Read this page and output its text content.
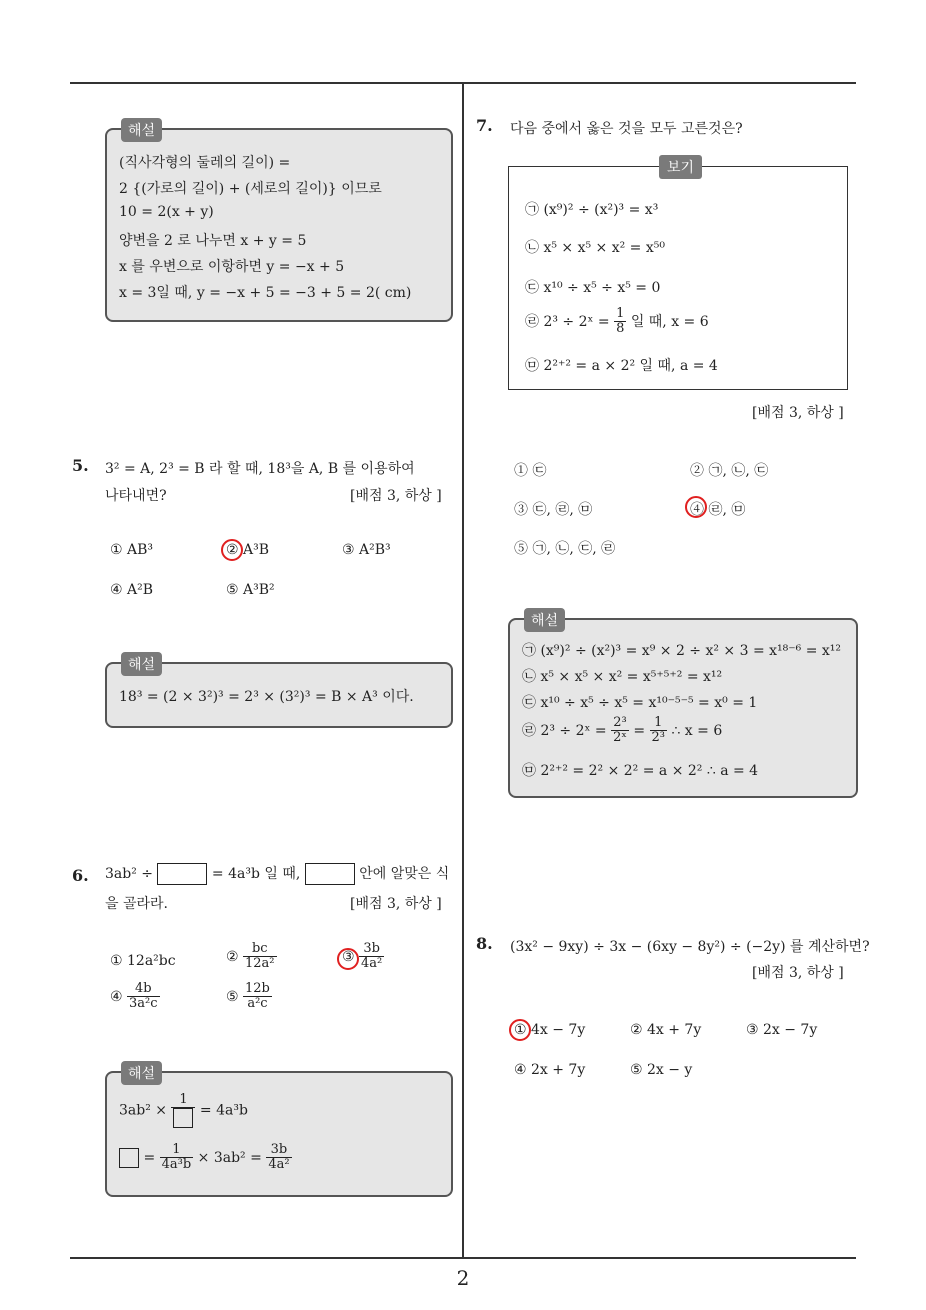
해설
(직사각형의 둘레의 길이) =
2 {(가로의 길이) + (세로의 길이)} 이므로
10 = 2(x + y)
양변을 2 로 나누면 x + y = 5
x 를 우변으로 이항하면 y = −x + 5
x = 3일 때, y = −x + 5 = −3 + 5 = 2( cm)
5. 3² = A, 2³ = B 라 할 때, 18³을 A, B 를 이용하여
나타내면?	[배점 3, 하상 ]
① AB³	② A³B	③ A²B³
④ A²B	⑤ A³B²
해설
18³ = (2 × 3²)³ = 2³ × (3²)³ = B × A³ 이다.
6. 3ab² ÷	= 4a³b 일 때,	안에 알맞은 식
을 골라라.	[배점 3, 하상 ]
① 12a²bc	② $\frac{bc}{\text{12a²}}$	③ $\frac{3b}{\text{4a²}}$
④ $\frac{4b}{\text{3a²c}}$	⑤ $\frac{12b}{\text{a²c}}$
해설
3ab² ×
1
= 4a³b
= $\frac{1}{\text{4a³b}} \times 3ab^2 = \frac{3b}{\text{4a²}}$
7. 다음 중에서 옳은 것을 모두 고른것은?
보기
㉠ (x⁹)² ÷ (x²)³ = x³
㉡ x⁵ × x⁵ × x² = x⁵⁰
㉢ x¹⁰ ÷ x⁵ ÷ x⁵ = 0
㉣ 2³ ÷ 2ˣ = $\frac{1}{8}$ 일 때, x = 6
㉤ 2²⁺² = a × 2² 일 때, a = 4
[배점 3, 하상 ]
① ㉢	② ㉠, ㉡, ㉢
③ ㉢, ㉣, ㉤	④ ㉣, ㉤
⑤ ㉠, ㉡, ㉢, ㉣
해설
㉠ (x⁹)² ÷ (x²)³ = x⁹ × 2 ÷ x² × 3 = x¹⁸⁻⁶ = x¹²
㉡ x⁵ × x⁵ × x² = x⁵⁺⁵⁺² = x¹²
㉢ x¹⁰ ÷ x⁵ ÷ x⁵ = x¹⁰⁻⁵⁻⁵ = x⁰ = 1
㉣ 2³ ÷ 2ˣ = $\frac{\text{2³}}{\text{2ˣ}} = \frac{1}{\text{2³}}$ ∴ x = 6
㉤ 2²⁺² = 2² × 2² = a × 2² ∴ a = 4
8. (3x² − 9xy) ÷ 3x − (6xy − 8y²) ÷ (−2y) 를 계산하면?
[배점 3, 하상 ]
① 4x − 7y	② 4x + 7y	③ 2x − 7y
④ 2x + 7y	⑤ 2x − y
2
